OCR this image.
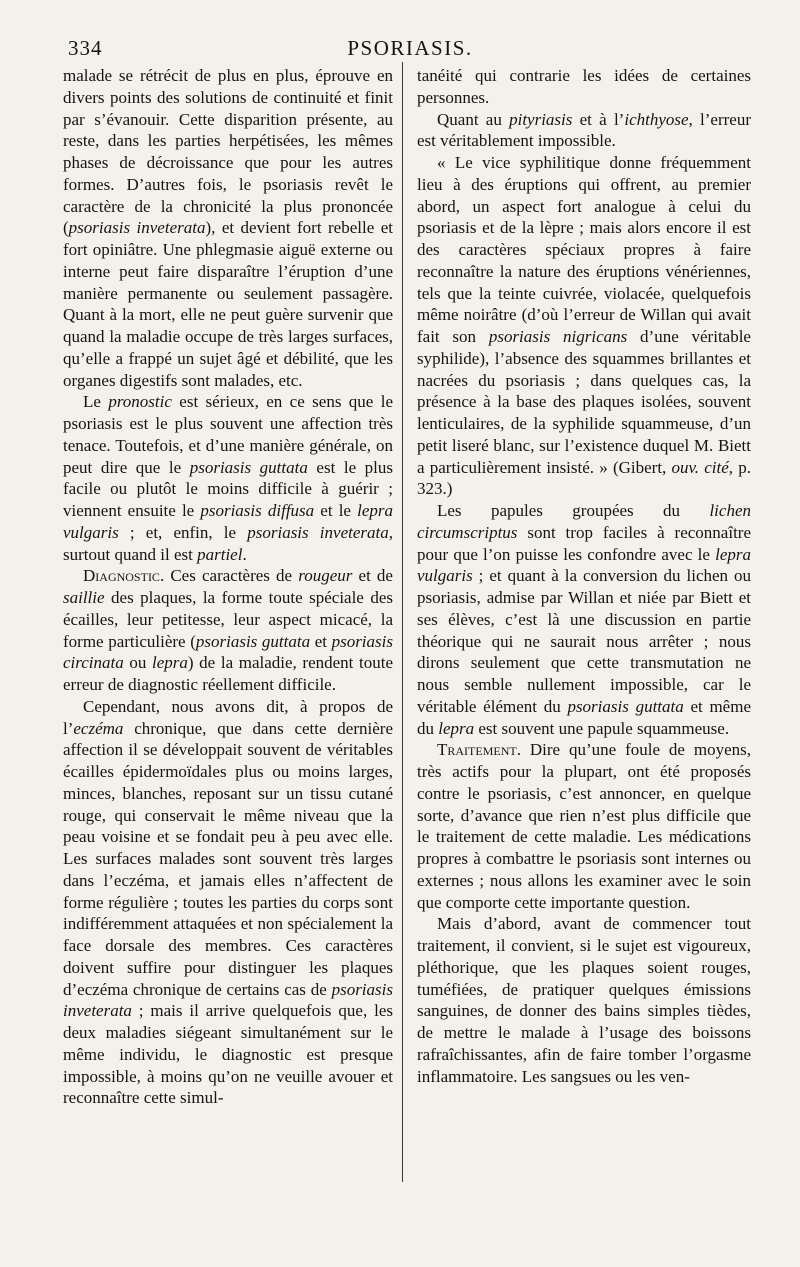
334	PSORIASIS.

malade se rétrécit de plus en plus, éprouve en divers points des solutions de continuité et finit par s’évanouir. Cette disparition présente, au reste, dans les parties herpétisées, les mêmes phases de décroissance que pour les autres formes. D’autres fois, le psoriasis revêt le caractère de la chronicité la plus prononcée (psoriasis inveterata), et devient fort rebelle et fort opiniâtre. Une phlegmasie aiguë externe ou interne peut faire disparaître l’éruption d’une manière permanente ou seulement passagère. Quant à la mort, elle ne peut guère survenir que quand la maladie occupe de très larges surfaces, qu’elle a frappé un sujet âgé et débilité, que les organes digestifs sont malades, etc.

Le pronostic est sérieux, en ce sens que le psoriasis est le plus souvent une affection très tenace. Toutefois, et d’une manière générale, on peut dire que le psoriasis guttata est le plus facile ou plutôt le moins difficile à guérir ; viennent ensuite le psoriasis diffusa et le lepra vulgaris ; et, enfin, le psoriasis inveterata, surtout quand il est partiel.

Diagnostic. Ces caractères de rougeur et de saillie des plaques, la forme toute spéciale des écailles, leur petitesse, leur aspect micacé, la forme particulière (psoriasis guttata et psoriasis circinata ou lepra) de la maladie, rendent toute erreur de diagnostic réellement difficile.

Cependant, nous avons dit, à propos de l’eczéma chronique, que dans cette dernière affection il se développait souvent de véritables écailles épidermoïdales plus ou moins larges, minces, blanches, reposant sur un tissu cutané rouge, qui conservait le même niveau que la peau voisine et se fondait peu à peu avec elle. Les surfaces malades sont souvent très larges dans l’eczéma, et jamais elles n’affectent de forme régulière ; toutes les parties du corps sont indifféremment attaquées et non spécialement la face dorsale des membres. Ces caractères doivent suffire pour distinguer les plaques d’eczéma chronique de certains cas de psoriasis inveterata ; mais il arrive quelquefois que, les deux maladies siégeant simultanément sur le même individu, le diagnostic est presque impossible, à moins qu’on ne veuille avouer et reconnaître cette simul-

tanéité qui contrarie les idées de certaines personnes.

Quant au pityriasis et à l’ichthyose, l’erreur est véritablement impossible.

« Le vice syphilitique donne fréquemment lieu à des éruptions qui offrent, au premier abord, un aspect fort analogue à celui du psoriasis et de la lèpre ; mais alors encore il est des caractères spéciaux propres à faire reconnaître la nature des éruptions vénériennes, tels que la teinte cuivrée, violacée, quelquefois même noirâtre (d’où l’erreur de Willan qui avait fait son psoriasis nigricans d’une véritable syphilide), l’absence des squammes brillantes et nacrées du psoriasis ; dans quelques cas, la présence à la base des plaques isolées, souvent lenticulaires, de la syphilide squammeuse, d’un petit liseré blanc, sur l’existence duquel M. Biett a particulièrement insisté. » (Gibert, ouv. cité, p. 323.)

Les papules groupées du lichen circumscriptus sont trop faciles à reconnaître pour que l’on puisse les confondre avec le lepra vulgaris ; et quant à la conversion du lichen ou psoriasis, admise par Willan et niée par Biett et ses élèves, c’est là une discussion en partie théorique qui ne saurait nous arrêter ; nous dirons seulement que cette transmutation ne nous semble nullement impossible, car le véritable élément du psoriasis guttata et même du lepra est souvent une papule squammeuse.

Traitement. Dire qu’une foule de moyens, très actifs pour la plupart, ont été proposés contre le psoriasis, c’est annoncer, en quelque sorte, d’avance que rien n’est plus difficile que le traitement de cette maladie. Les médications propres à combattre le psoriasis sont internes ou externes ; nous allons les examiner avec le soin que comporte cette importante question.

Mais d’abord, avant de commencer tout traitement, il convient, si le sujet est vigoureux, pléthorique, que les plaques soient rouges, tuméfiées, de pratiquer quelques émissions sanguines, de donner des bains simples tièdes, de mettre le malade à l’usage des boissons rafraîchissantes, afin de faire tomber l’orgasme inflammatoire. Les sangsues ou les ven-
